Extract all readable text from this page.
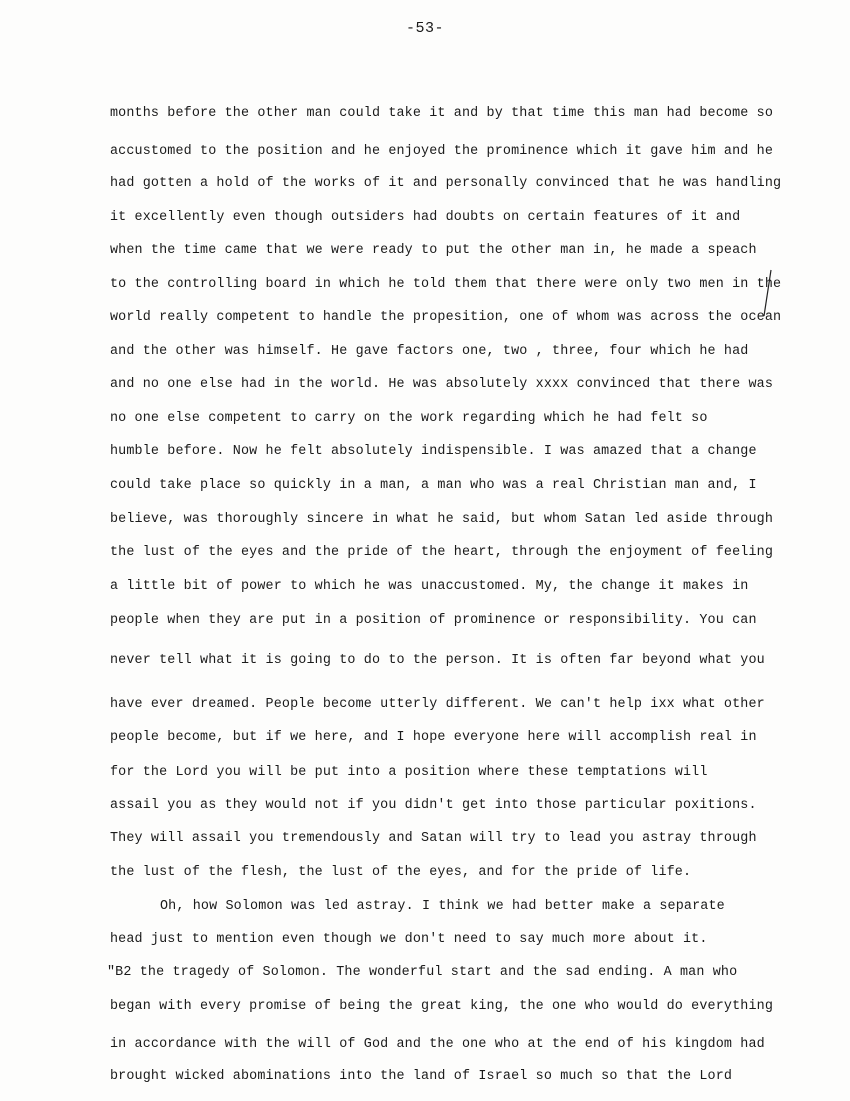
-53-
months before the other man could take it and by that time this man had become so
accustomed to the position and he enjoyed the prominence which it gave him and he
had gotten a hold of the works of it and personally convinced that he was handling
it excellently even though outsiders had doubts on certain features of it and
when the time came that we were ready to put the other man in, he made a speach
to the controlling board in which he told them that there were only two men in the
world really competent to handle the propesition, one of whom was across the ocean
and the other was himself. He gave factors one, two , three, four which he had
and no one else had in the world. He was absolutely xxxx convinced that there was
no one else competent to carry on the work regarding which he had felt so
humble before. Now he felt absolutely indispensible. I was amazed that a change
could take place so quickly in a man, a man who was a real Christian man and, I
believe, was thoroughly sincere in what he said, but whom Satan led aside through
the lust of the eyes and the pride of the heart, through the enjoyment of feeling
a little bit of power to which he was unaccustomed. My, the change it makes in
people when they are put in a position of prominence or responsibility. You can
never tell what it is going to do to the person. It is often far beyond what you
have ever dreamed. People become utterly different. We can't help ixx what other
people become, but if we here, and I hope everyone here will accomplish real in
for the Lord you will be put into a position where these temptations will
assail you as they would not if you didn't get into those particular poxitions.
They will assail you tremendously and Satan will try to lead you astray through
the lust of the flesh, the lust of the eyes, and for the pride of life.
Oh, how Solomon was led astray. I think we had better make a separate
head just to mention even though we don't need to say much more about it.
"B2 the tragedy of Solomon. The wonderful start and the sad ending. A man who
began with every promise of being the great king, the one who would do everything
in accordance with the will of God and the one who at the end of his kingdom had
brought wicked abominations into the land of Israel so much so that the Lord
